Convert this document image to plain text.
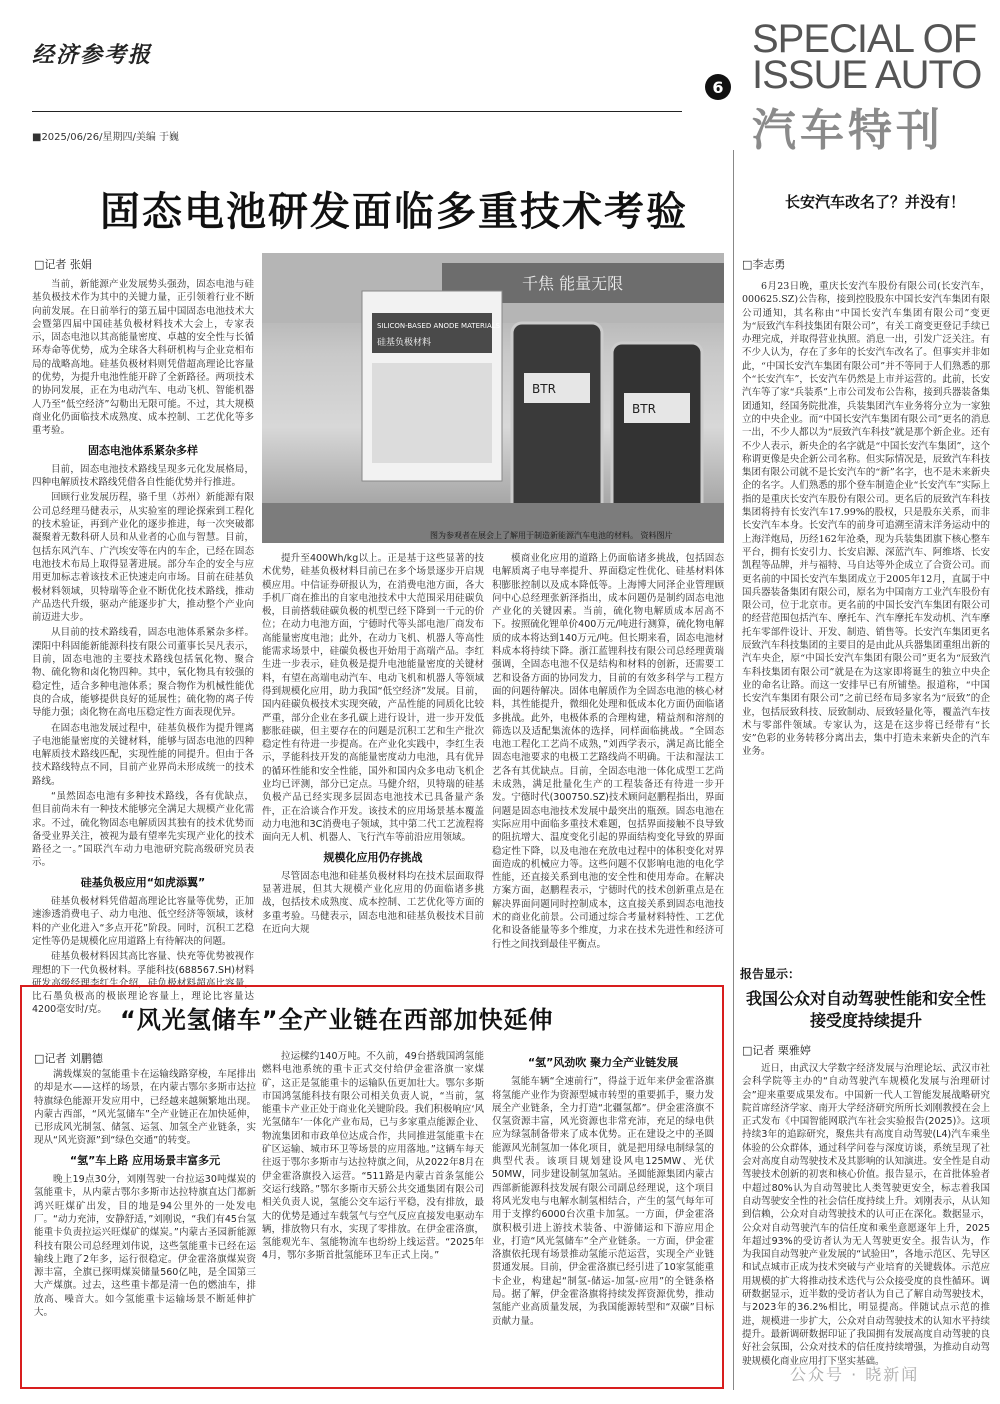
经济参考报
■2025/06/26/星期四/美编 于巍
6
SPECIAL OF
ISSUE AUTO
汽车特刊
固态电池研发面临多重技术考验
□记者 张娟

当前，新能源产业发展势头强劲，固态电池与硅基负极技术作为其中的关键力量，正引领着行业不断向前发展。在日前举行的第五届中国固态电池技术大会暨第四届中国硅基负极材料技术大会上，专家表示，固态电池以其高能量密度、卓越的安全性与长循环寿命等优势，成为全球各大科研机构与企业竞相布局的战略高地。硅基负极材料则凭借超高理论比容量的优势，为提升电池性能开辟了全新路径。两项技术的协同发展，正在为电动汽车、电动飞机、智能机器人乃至“低空经济”勾勒出无限可能。不过，其大规模商业化仍面临技术成熟度、成本控制、工艺优化等多重考验。

固态电池体系紧杂多样

目前，固态电池技术路线呈现多元化发展格局，四种电解质技术路线凭借各自性能优势并行推进。

回顾行业发展历程，骆千里（苏州）新能源有限公司总经理马健表示，从实验室的理论探索到工程化的技术验证，再到产业化的逐步推进，每一次突破都凝聚着无数科研人员和从业者的心血与智慧。目前，包括东风汽车、广汽埃安等在内的车企，已经在固态电池技术布局上取得显著进展。部分车企的安全与应用更加标志着该技术正快速走向市场。目前在硅基负极材料领域，贝特瑞等企业不断优化技术路线，推动产品迭代升级，驱动产能逐步扩大，推动整个产业向前迈进大步。

从目前的技术路线看，固态电池体系紧杂多样。溧阳中科固能新能源科技有限公司董事长吴凡表示，目前，固态电池的主要技术路线包括氧化物、聚合物、硫化物和卤化物四种。其中，氧化物具有较强的稳定性，适合多种电池体系；聚合物作为机械性能优良的合成，能够提供良好的延展性；硫化物的离子传导能力强；卤化物在高电压稳定性方面表现优异。

在固态电池发展过程中，硅基负极作为提升锂离子电池能量密度的关键材料，能够与固态电池的四种电解质技术路线匹配，实现性能的同提升。但由于各技术路线特点不同，目前产业界尚未形成统一的技术路线。

“虽然固态电池有多种技术路线，各有优缺点，但目前尚未有一种技术能够完全满足大规模产业化需求。不过，硫化物固态电解质因其独有的技术优势而备受业界关注，被视为最有望率先实现产业化的技术路径之一。”国联汽车动力电池研究院高级研究员表示。

硅基负极应用“如虎添翼”

硅基负极材料凭借超高理论比容量等优势，正加速渗透消费电子、动力电池、低空经济等领域，该材料的产业化进入“多点开花”阶段。同时，沉积工艺稳定性等仍是规模化应用道路上有待解决的问题。

硅基负极材料因其高比容量、快充等优势被视作理想的下一代负极材料。孚能科技(688567.SH)材料研发高级经理李红生介绍，硅负极材料超高比容量，比石墨负极高的极嵌理论容量上，理论比容量达4200毫安时/克。

千焦 能量无限
SILICON-BASED ANODE MATERIALS
硅基负极材料
BTR
BTR
图为参观者在展会上了解用于制造新能源汽车电池的材料。 资料图片

提升至400Wh/kg以上。正是基于这些显著的技术优势，硅基负极材料目前已在多个场景逐步开启规模应用。中信证券研报认为，在消费电池方面，各大手机厂商在推出的自家电池技术中大范围采用硅碳负极，目前搭载硅碳负极的机型已经下降到一千元的价位；在动力电池方面，宁德时代等头部电池厂商发布高能量密度电池；此外，在动力飞机、机器人等高性能需求场景中，硅碳负极也开始用于高端产品。李红生进一步表示，硅负极是提升电池能量密度的关键材料，有望在高端电动汽车、电动飞机和机器人等领域得到规模化应用，助力我国“低空经济”发展。目前，国内硅碳负极技术实现突破，产品性能的同质化比较严重，部分企业在多孔碳上进行设计，进一步开发低膨胀硅碳，但主要存在的问题是沉积工艺和生产批次稳定性有待进一步提高。在产业化实践中，李红生表示，孚能科技开发的高能量密度动力电池，具有优异的循环性能和安全性能，国外和国内众多电动飞机企业均已评测，部分已定点。马健介绍，贝特瑞的硅基负极产品已经实现多层固态电池技术已具备量产条件，正在洽谈合作开发。该技术的应用场景基本覆盖动力电池和3C消费电子领域，其中第二代工艺流程将面向无人机、机器人、飞行汽车等前沿应用领域。

规模化应用仍存挑战

尽管固态电池和硅基负极材料均在技术层面取得显著进展，但其大规模产业化应用的仍面临诸多挑战，包括技术成熟度、成本控制、工艺优化等方面的多重考验。马健表示，固态电池和硅基负极技术目前在近向大规

模商业化应用的道路上仍面临诸多挑战，包括固态电解质离子电导率提升、界面稳定性优化、硅基材料体积膨胀控制以及成本降低等。上海博大同泽企业管理顾问中心总经理张新泽指出，成本问题仍是制约固态电池产业化的关键因素。当前，硫化物电解质成本居高不下。按照硫化锂单价400万元/吨进行测算，硫化物电解质的成本将达到140万元/吨。但长期来看，固态电池材料成本将持续下降。浙江蓝锂科技有限公司总经理黄瑞强调，全固态电池不仅是结构和材料的创新，还需要工艺和设备方面的协同发力，目前的有效多科学与工程方面的问题待解决。固体电解质作为全固态电池的核心材料，其性能提升，微细化处理和低成本化方面仍面临诸多挑战。此外，电极体系的合理构建，精益剂和溶剂的筛选以及适配集流体的选择，同样面临挑战。“全固态电池工程化工艺尚不成熟，”刘西学表示，满足高比能全固态电池要求的电极工艺路线尚不明确。干法和湿法工艺各有其优缺点。目前，全固态电池一体化成型工艺尚未成熟，满足批量化生产的工程装备还有待进一步开发。宁德时代(300750.SZ)技术顾问赵鹏程指出，界面问题是固态电池技术发展中最突出的瓶颈。固态电池在实际应用中面临多重技术难题，包括界面接触不良导致的阻抗增大、温度变化引起的界面结构变化导致的界面稳定性下降，以及电池在充放电过程中的体积变化对界面造成的机械应力等。这些问题不仅影响电池的电化学性能，还直接关系到电池的安全性和使用寿命。在解决方案方面，赵鹏程表示，宁德时代的技术创新重点是在解决界面问题同时控制成本，这直接关系到固态电池技术的商业化前景。公司通过综合考量材料特性、工艺优化和设备能量等多个维度，力求在技术先进性和经济可行性之间找到最佳平衡点。

长安汽车改名了？并没有！
□李志勇

6月23日晚，重庆长安汽车股份有限公司(长安汽车，000625.SZ)公告称，接到控股股东中国长安汽车集团有限公司通知，其名称由“中国长安汽车集团有限公司”变更为“辰致汽车科技集团有限公司”，有关工商变更登记手续已办理完成，并取得营业执照。消息一出，引发广泛关注。有不少人认为，存在了多年的长安汽车改名了。但事实并非如此，“中国长安汽车集团有限公司”并不等同于人们熟悉的那个“长安汽车”，长安汽车仍然是上市并运营的。此前，长安汽车等了家“兵装系”上市公司发布公告称，接到兵器装备集团通知，经国务院批准，兵装集团汽车业务将分立为一家独立的中央企业。而“中国长安汽车集团有限公司”更名的消息一出，不少人都以为“辰致汽车科技”就是那个新企业。还有不少人表示，新央企的名字就是“中国长安汽车集团”，这个称谓更像是央企新公司名称。但实际情况是，辰致汽车科技集团有限公司就不是长安汽车的“新”名字，也不是未来新央企的名字。人们熟悉的那个登车制造企业“长安汽车”实际上指的是重庆长安汽车股份有限公司。更名后的辰致汽车科技集团将持有长安汽车17.99%的股权，只是股东关系，而非长安汽车本身。长安汽车的前身可追溯至清末洋务运动中的上海洋炮局，历经162年沧桑，现为兵装集团旗下核心整车平台，拥有长安引力、长安启源、深蓝汽车、阿维塔、长安凯程等品牌，并与福特、马自达等外企成立了合资公司。而更名前的中国长安汽车集团成立于2005年12月，直属于中国兵器装备集团有限公司，原名为中国南方工业汽车股份有限公司，位于北京市。更名前的中国长安汽车集团有限公司的经营范围包括汽车、摩托车、汽车摩托车发动机、汽车摩托车零部件设计、开发、制造、销售等。长安汽车集团更名辰致汽车科技集团的主要目的是由此从兵器集团重组出新的汽车央企，原“中国长安汽车集团有限公司”更名为“辰致汽车科技集团有限公司”就是在为这家即将诞生的独立中央企业的命名让路。而这一安排早已有所铺垫。报道称，“中国长安汽车集团有限公司”之前已经布局多家名为“辰致”的企业，包括辰致科技、辰致制动、辰致轻量化等，覆盖汽车技术与零部件领域。专家认为，这是在这步将已经带有“长安”色彩的业务转移分离出去，集中打造未来新央企的汽车业务。

“风光氢储车”全产业链在西部加快延伸
□记者 刘鹏德

满载煤炭的氢能重卡在运输线路穿梭，车尾排出的却是水——这样的场景，在内蒙古鄂尔多斯市达拉特旗绿色能源开发应用中，已经越来越频繁地出现。内蒙古西部，“风光氢储车”全产业链正在加快延伸，已形成风光制氢、储氢、运氢、加氢全产业链条，实现从“风光资源”到“绿色交通”的转变。

“氢”车上路 应用场景丰富多元

晚上19点30分，刘刚驾驶一台拉运30吨煤炭的氢能重卡，从内蒙古鄂尔多斯市达拉特旗直达门都新鸿兴旺煤矿出发，目的地是94公里外的一处发电厂。“动力充沛，安静舒适，”刘刚说，“我们有45台氢能重卡负责拉运兴旺煤矿的煤炭。”内蒙古圣园新能源科技有限公司总经理刘伟说，这些氢能重卡已经在运输线上跑了2年多，运行很稳定。伊金霍洛旗煤炭资源丰富，全旗已探明煤炭储量560亿吨，是全国第三大产煤旗。过去，这些重卡都是清一色的燃油车，排放高、噪音大。如今氢能重卡运输场景不断延伸扩大。

拉运樑约140万吨。不久前，49台搭载国鸿氢能燃料电池系统的重卡正式交付给伊金霍洛旗一家煤矿，这正是氢能重卡的运输队伍更加壮大。鄂尔多斯市国鸿氢能科技有限公司相关负责人说，“当前，氢能重卡产业正处于商业化关键阶段。我们积极响应‘风光氢储车’一体化产业布局，已与多家重点能源企业、物流集团和市政单位达成合作，共同推进氢能重卡在矿区运输、城市环卫等场景的应用落地。”这辆车每天往返于鄂尔多斯市与达拉特旗之间，从2022年8月在伊金霍洛旗投入运营。“511路是内蒙古首条氢能公交运行线路。”鄂尔多斯市天骄公共交通集团有限公司相关负责人说，氢能公交车运行平稳，没有排放，最大的优势是通过车载氢气与空气反应直接发电驱动车辆，排放物只有水，实现了零排放。在伊金霍洛旗，氢能观光车、氢能物流车也纷纷上线运营。“2025年4月，鄂尔多斯首批氢能环卫车正式上岗。”

“氢”风劲吹 聚力全产业链发展

氢能车辆“全速前行”，得益于近年来伊金霍洛旗将氢能产业作为资源型城市转型的重要抓手，聚力发展全产业链条，全力打造“北疆氢都”。伊金霍洛旗不仅氢资源丰富，风光资源也非常充沛，充足的绿电供应为绿氢制备带来了成本优势。正在建设之中的圣圆能源风光制氢加一体化项目，就是把用绿电制绿氢的典型代表。该项目规划建设风电125MW、光伏50MW，同步建设制氢加氢站。圣圆能源集团内蒙古西部新能源科技发展有限公司副总经理说，这个项目将风光发电与电解水制氢相结合，产生的氢气每年可用于支撑约6000台次重卡加氢。一方面，伊金霍洛旗积极引进上游技术装备、中游储运和下游应用企业，打造“风光氢储车”全产业链条。一方面，伊金霍洛旗依托现有场景推动氢能示范运营，实现全产业链贯通发展。目前，伊金霍洛旗已经引进了10家氢能重卡企业，构建起“制氢-储运-加氢-应用”的全链条格局。据了解，伊金霍洛旗将持续发挥资源优势，推动氢能产业高质量发展，为我国能源转型和“双碳”目标贡献力量。

报告显示：
我国公众对自动驾驶性能和安全性接受度持续提升
□记者 栗雅婷

近日，由武汉大学数字经济发展与治理论坛、武汉市社会科学院等主办的“自动驾驶汽车规模化发展与治理研讨会”迎来重要成果发布。中国新一代人工智能发展战略研究院首席经济学家、南开大学经济研究所所长刘刚教授在会上正式发布《中国智能网联汽车社会实验报告(2025)》。这项持续3年的追踪研究，聚焦共有高度自动驾驶(L4)汽车乘坐体验的公众群体，通过科学问卷与深度访谈，系统呈现了社会对高度自动驾驶技术及其影响的认知演进。安全性是自动驾驶技术创新的初衷和核心价值。报告显示，在首批体验者中超过80%认为自动驾驶比人类驾驶更安全，标志着我国自动驾驶安全性的社会信任度持续上升。刘刚表示，从认知到信赖，公众对自动驾驶技术的认可正在深化。数据显示，公众对自动驾驶汽车的信任度和乘坐意愿逐年上升，2025年超过93%的受访者认为无人驾驶更安全。报告认为，作为我国自动驾驶产业发展的“试验田”，各地示范区、先导区和试点城市正成为技术突破与产业培育的关键载体。示范应用规模的扩大将推动技术迭代与公众接受度的良性循环。调研数据显示，近半数的受访者认为自己了解自动驾驶技术，与2023年的36.2%相比，明显提高。伴随试点示范的推进，规模进一步扩大，公众对自动驾驶技术的认知水平持续提升。最新调研数据印证了我国拥有发展高度自动驾驶的良好社会氛围，公众对技术的信任度持续增强，为推动自动驾驶规模化商业应用打下坚实基础。

公众号 · 晓新闻
